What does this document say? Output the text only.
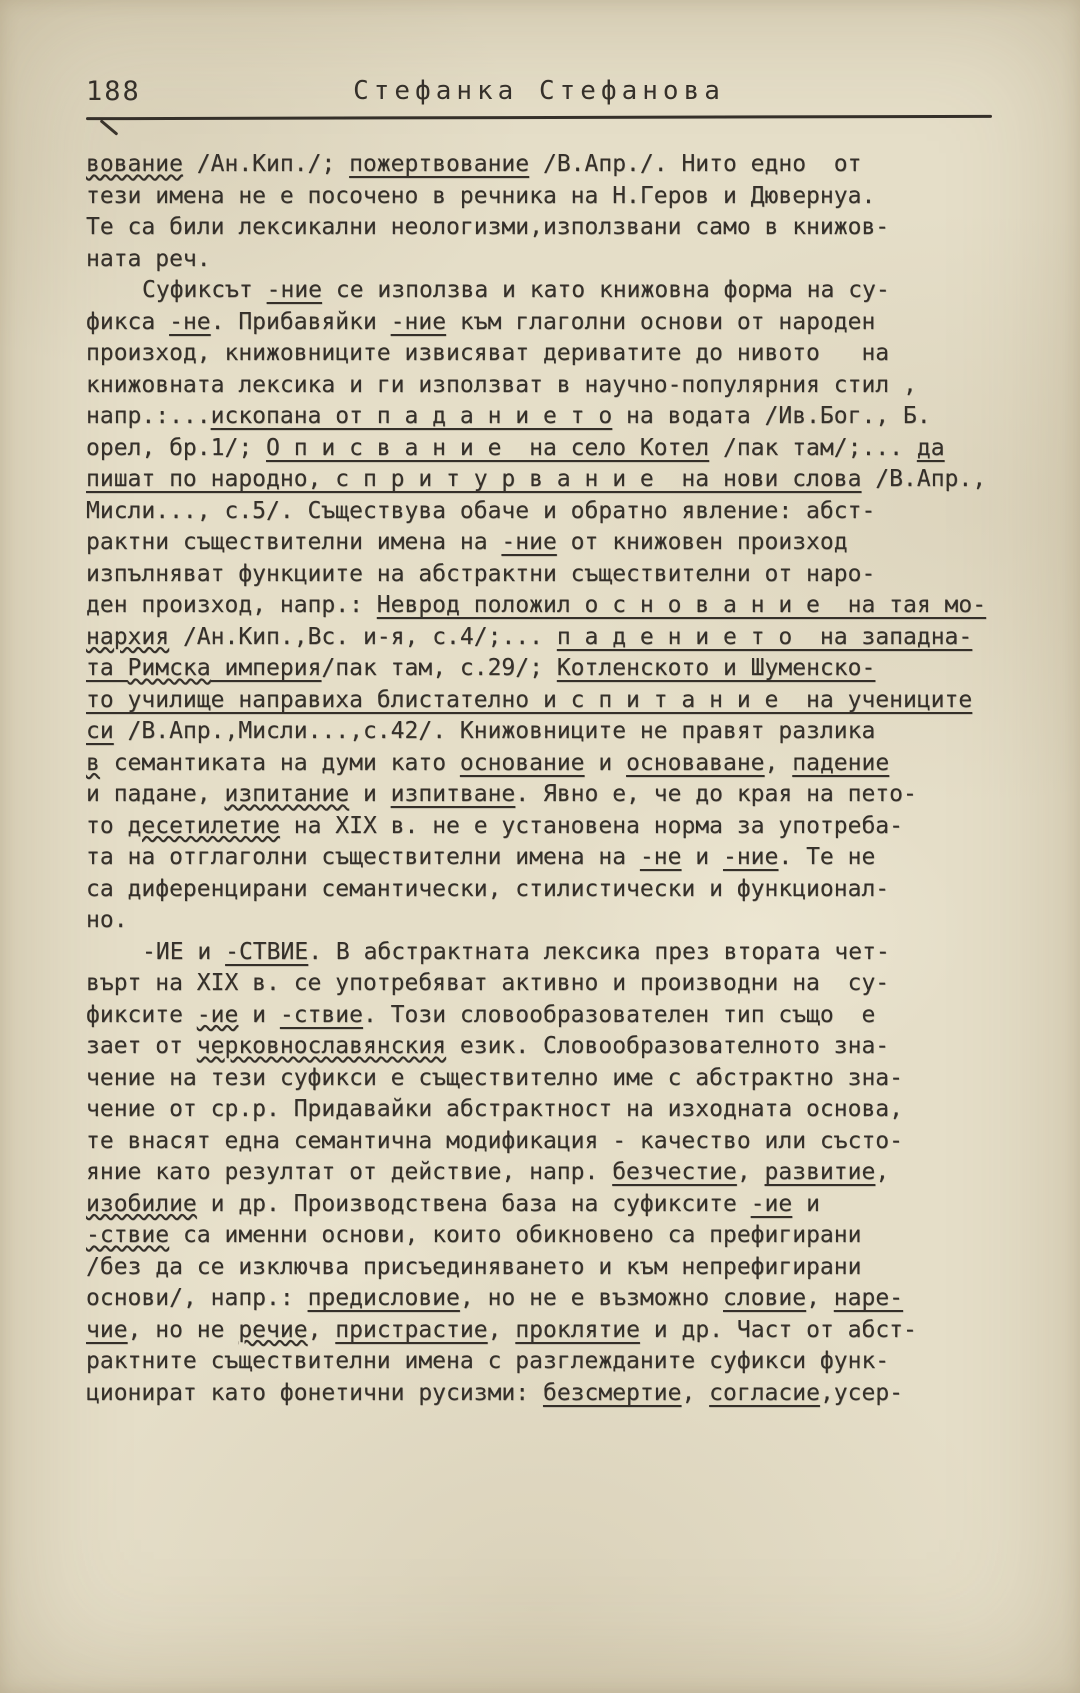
188	Стефанка Стефанова
вование /Ан.Кип./; пожертвование /В.Апр./. Нито едно  от
тези имена не е посочено в речника на Н.Геров и Дювернуа.
Те са били лексикални неологизми,използвани само в книжов-
ната реч.
Суфиксът -ние се използва и като книжовна форма на су-
фикса -не. Прибавяйки -ние към глаголни основи от народен
произход, книжовниците извисяват дериватите до нивото   на
книжовната лексика и ги използват в научно-популярния стил ,
напр.:...ископана от п а д а н и е т о на водата /Ив.Бог., Б.
орел, бр.1/; О п и с в а н и е  на село Котел /пак там/;... да
пишат по народно, с п р и т у р в а н и е  на нови слова /В.Апр.,
Мисли..., с.5/. Съществува обаче и обратно явление: абст-
рактни съществителни имена на -ние от книжовен произход
изпълняват функциите на абстрактни съществителни от наро-
ден произход, напр.: Неврод положил о с н о в а н и е  на тая мо-
нархия /Ан.Кип.,Вс. и-я, с.4/;... п а д е н и е т о  на западна-
та Римска империя/пак там, с.29/; Котленското и Шуменско-
то училище направиха блистателно и с п и т а н и е  на учениците
си /В.Апр.,Мисли...,с.42/. Книжовниците не правят разлика
в семантиката на думи като основание и основаване, падение
и падане, изпитание и изпитване. Явно е, че до края на пето-
то десетилетие на XIX в. не е установена норма за употреба-
та на отглаголни съществителни имена на -не и -ние. Те не
са диференцирани семантически, стилистически и функционал-
но.
-ИЕ и -СТВИЕ. В абстрактната лексика през втората чет-
върт на XIX в. се употребяват активно и производни на  су-
фиксите -ие и -ствие. Този словообразователен тип също  е
зает от черковнославянския език. Словообразователното зна-
чение на тези суфикси е съществително име с абстрактно зна-
чение от ср.р. Придавайки абстрактност на изходната основа,
те внасят една семантична модификация - качество или състо-
яние като резултат от действие, напр. безчестие, развитие,
изобилие и др. Производствена база на суфиксите -ие и
-ствие са именни основи, които обикновено са префигирани
/без да се изключва присъединяването и към непрефигирани
основи/, напр.: предисловие, но не е възможно словие, наре-
чие, но не речие, пристрастие, проклятие и др. Част от абст-
рактните съществителни имена с разглежданите суфикси функ-
ционират като фонетични русизми: безсмертие, согласие,усер-
